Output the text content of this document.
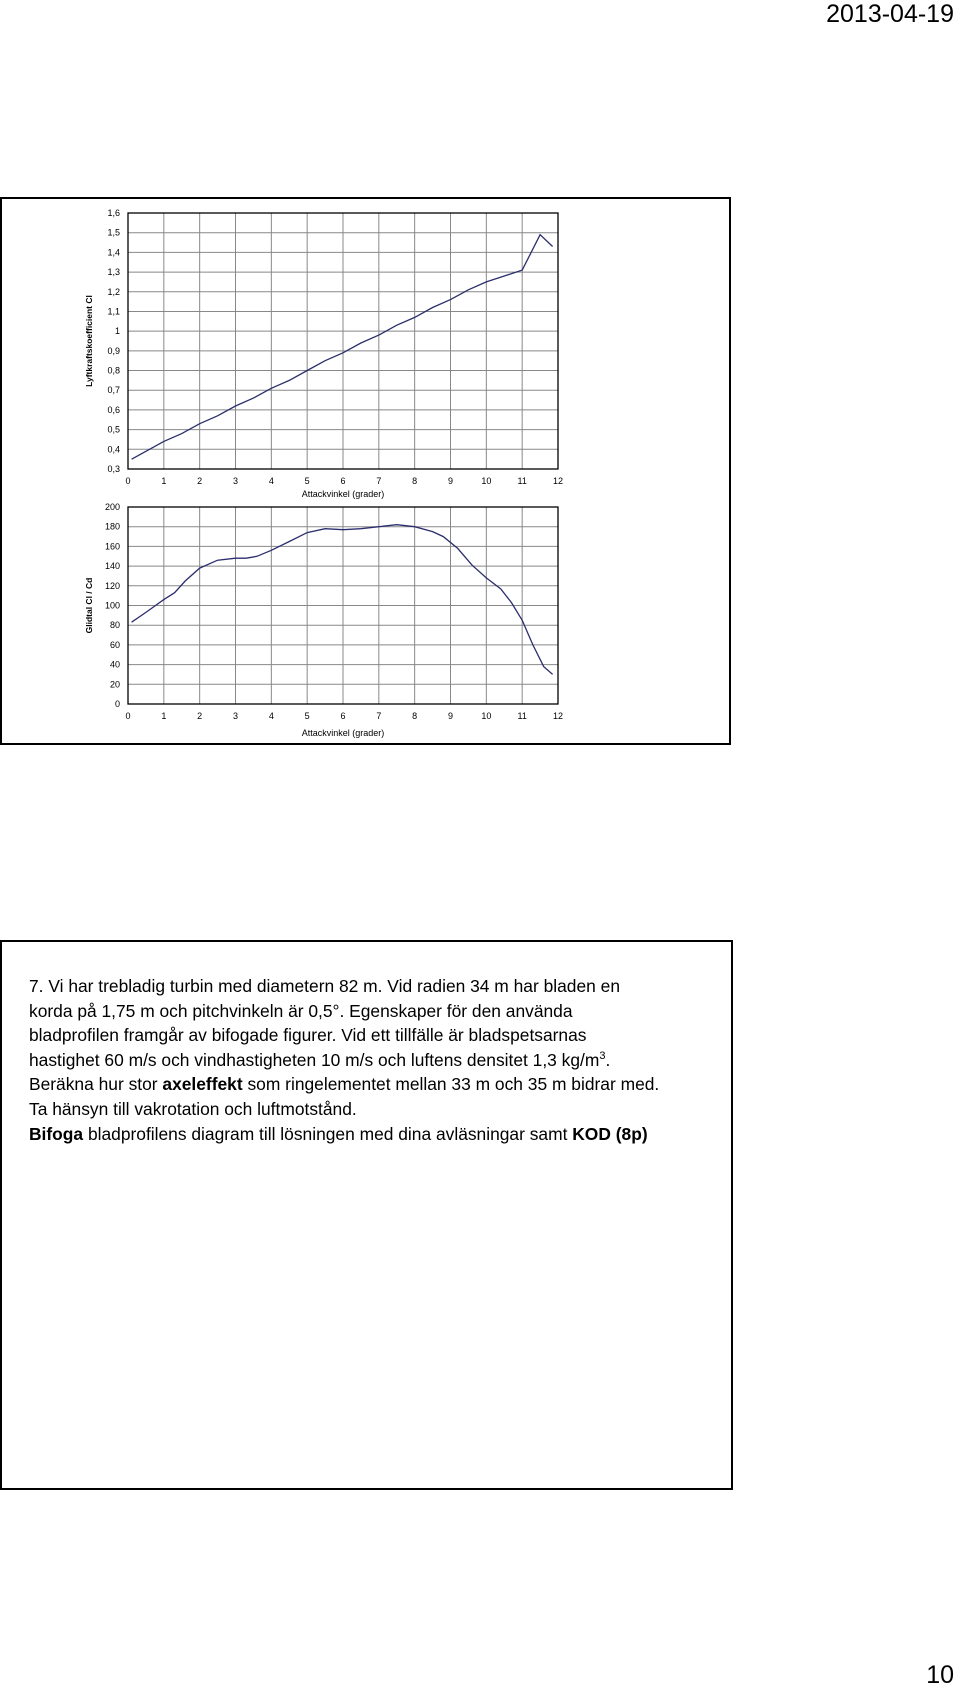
2013-04-19
0	1	2	3	4	5	6	7	8	9	10	11	12
1,6
1,5
1,4
1,3
1,2
1,1
1
0,9
0,8
0,7
0,6
0,5
0,4
0,3
Attackvinkel (grader)
Lyftkraftskoefficient Cl
0	1	2	3	4	5	6	7	8	9	10	11	12
200
180
160
140
120
100
80
60
40
20
0
Attackvinkel (grader)
Glidtal Cl / Cd

7. Vi har trebladig turbin med diametern 82 m. Vid radien 34 m har bladen en

korda på 1,75 m och pitchvinkeln är 0,5°. Egenskaper för den använda

bladprofilen framgår av bifogade figurer. Vid ett tillfälle är bladspetsarnas

hastighet 60 m/s och vindhastigheten 10 m/s och luftens densitet 1,3 $kg/m^3$.

Beräkna hur stor axeleffekt som ringelementet mellan 33 m och 35 m bidrar med.

Ta hänsyn till vakrotation och luftmotstånd.

Bifoga bladprofilens diagram till lösningen med dina avläsningar samt KOD (8p)

10
